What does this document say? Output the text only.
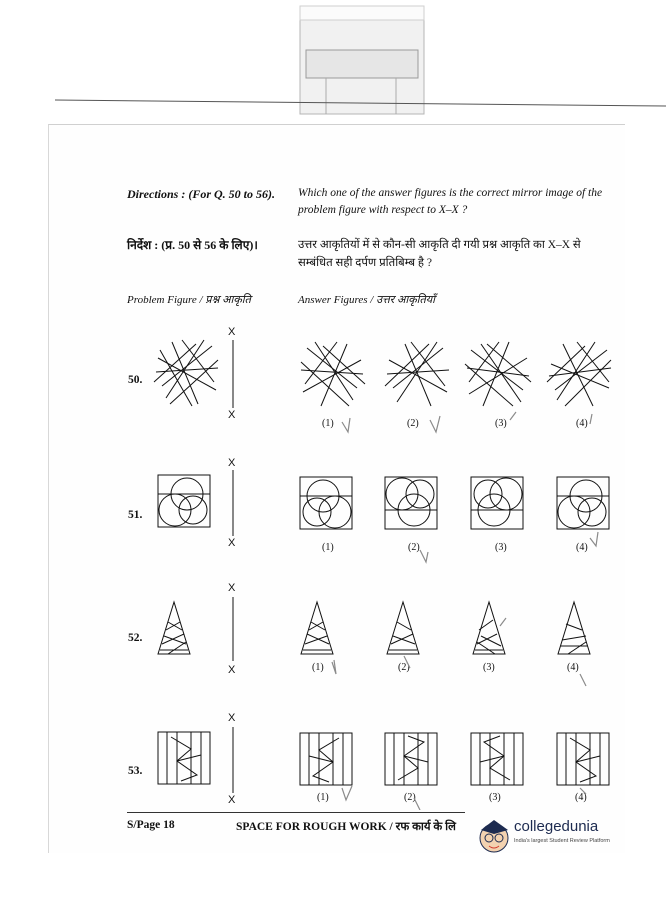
Directions : (For Q. 50 to 56). Which one of the answer figures is the correct mirror image of the problem figure with respect to X–X ?
निर्देश : (प्र. 50 से 56 के लिए)।	उत्तर आकृतियों में से कौन-सी आकृति दी गयी प्रश्न आकृति का X–X से सम्बंधित सही दर्पण प्रतिबिम्ब है ?
Problem Figure / प्रश्न आकृति	Answer Figures / उत्तर आकृतियाँ
50.
X
X
(1)	(2)	(3)	(4)
51.
X
X	(1)	(2)	(3)	(4)
52.
X
X	(1)	(2)	(3)	(4)
53.
X
X	(1)	(2)	(3)	(4)
S/Page 18	SPACE FOR ROUGH WORK / रफ कार्य के लि	collegedunia
India's largest Student Review Platform
